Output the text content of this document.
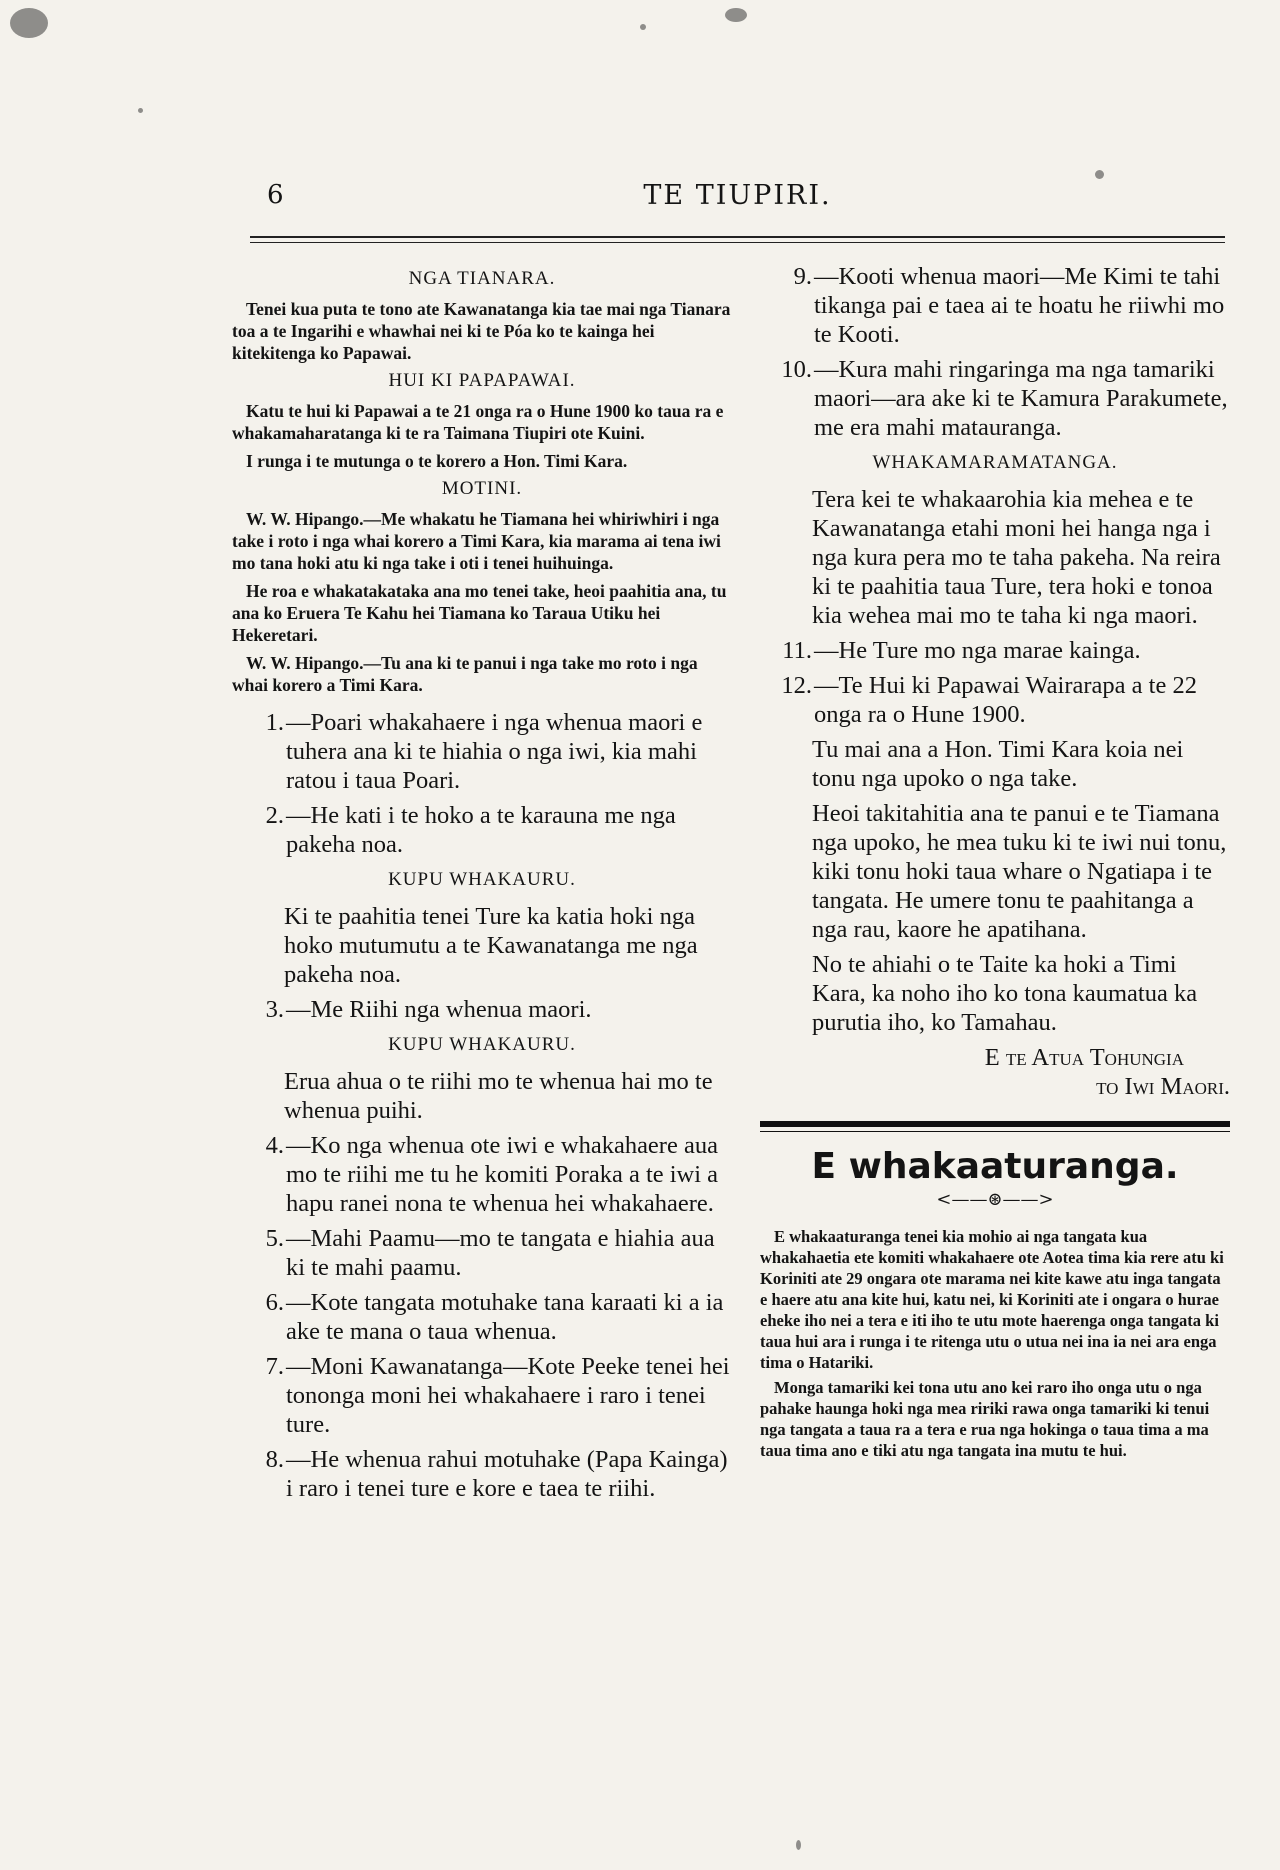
6	TE TIUPIRI.
NGA TIANARA.

Tenei kua puta te tono ate Kawanatanga kia tae mai nga Tianara toa a te Ingarihi e whawhai nei ki te Póa ko te kainga hei kitekitenga ko Papawai.

HUI KI PAPAPAWAI.

Katu te hui ki Papawai a te 21 onga ra o Hune 1900 ko taua ra e whakamaharatanga ki te ra Taimana Tiupiri ote Kuini.

I runga i te mutunga o te korero a Hon. Timi Kara.

MOTINI.

W. W. Hipango.—Me whakatu he Tiamana hei whiriwhiri i nga take i roto i nga whai korero a Timi Kara, kia marama ai tena iwi mo tana hoki atu ki nga take i oti i tenei huihuinga.

He roa e whakatakataka ana mo tenei take, heoi paahitia ana, tu ana ko Eruera Te Kahu hei Tiamana ko Taraua Utiku hei Hekeretari.

W. W. Hipango.—Tu ana ki te panui i nga take mo roto i nga whai korero a Timi Kara.

1. —Poari whakahaere i nga whenua maori e tuhera ana ki te hiahia o nga iwi, kia mahi ratou i taua Poari.
2. —He kati i te hoko a te karauna me nga pakeha noa.
KUPU WHAKAURU.
Ki te paahitia tenei Ture ka katia hoki nga hoko mutumutu a te Kawanatanga me nga pakeha noa.
3. —Me Riihi nga whenua maori.
KUPU WHAKAURU.
Erua ahua o te riihi mo te whenua hai mo te whenua puihi.
4. —Ko nga whenua ote iwi e whakahaere aua mo te riihi me tu he komiti Poraka a te iwi a hapu ranei nona te whenua hei whakahaere.
5. —Mahi Paamu—mo te tangata e hiahia aua ki te mahi paamu.
6. —Kote tangata motuhake tana karaati ki a ia ake te mana o taua whenua.
7. —Moni Kawanatanga—Kote Peeke tenei hei tononga moni hei whakahaere i raro i tenei ture.
8. —He whenua rahui motuhake (Papa Kainga) i raro i tenei ture e kore e taea te riihi.
9. —Kooti whenua maori—Me Kimi te tahi tikanga pai e taea ai te hoatu he riiwhi mo te Kooti.
10. —Kura mahi ringaringa ma nga tamariki maori—ara ake ki te Kamura Parakumete, me era mahi matauranga.
WHAKAMARAMATANGA.
Tera kei te whakaarohia kia mehea e te Kawanatanga etahi moni hei hanga nga i nga kura pera mo te taha pakeha. Na reira ki te paahitia taua Ture, tera hoki e tonoa kia wehea mai mo te taha ki nga maori.
11. —He Ture mo nga marae kainga.
12. —Te Hui ki Papawai Wairarapa a te 22 onga ra o Hune 1900.
Tu mai ana a Hon. Timi Kara koia nei tonu nga upoko o nga take.
Heoi takitahitia ana te panui e te Tiamana nga upoko, he mea tuku ki te iwi nui tonu, kiki tonu hoki taua whare o Ngatiapa i te tangata. He umere tonu te paahitanga a nga rau, kaore he apatihana.
No te ahiahi o te Taite ka hoki a Timi Kara, ka noho iho ko tona kaumatua ka purutia iho, ko Tamahau.
E te Atua Tohungia
to Iwi Maori.
E whakaaturanga.
<——⊛——>

E whakaaturanga tenei kia mohio ai nga tangata kua whakahaetia ete komiti whakahaere ote Aotea tima kia rere atu ki Koriniti ate 29 ongara ote marama nei kite kawe atu inga tangata e haere atu ana kite hui, katu nei, ki Koriniti ate i ongara o hurae eheke iho nei a tera e iti iho te utu mote haerenga onga tangata ki taua hui ara i runga i te ritenga utu o utua nei ina ia nei ara enga tima o Hatariki.

Monga tamariki kei tona utu ano kei raro iho onga utu o nga pahake haunga hoki nga mea ririki rawa onga tamariki ki tenui nga tangata a taua ra a tera e rua nga hokinga o taua tima a ma taua tima ano e tiki atu nga tangata ina mutu te hui.
